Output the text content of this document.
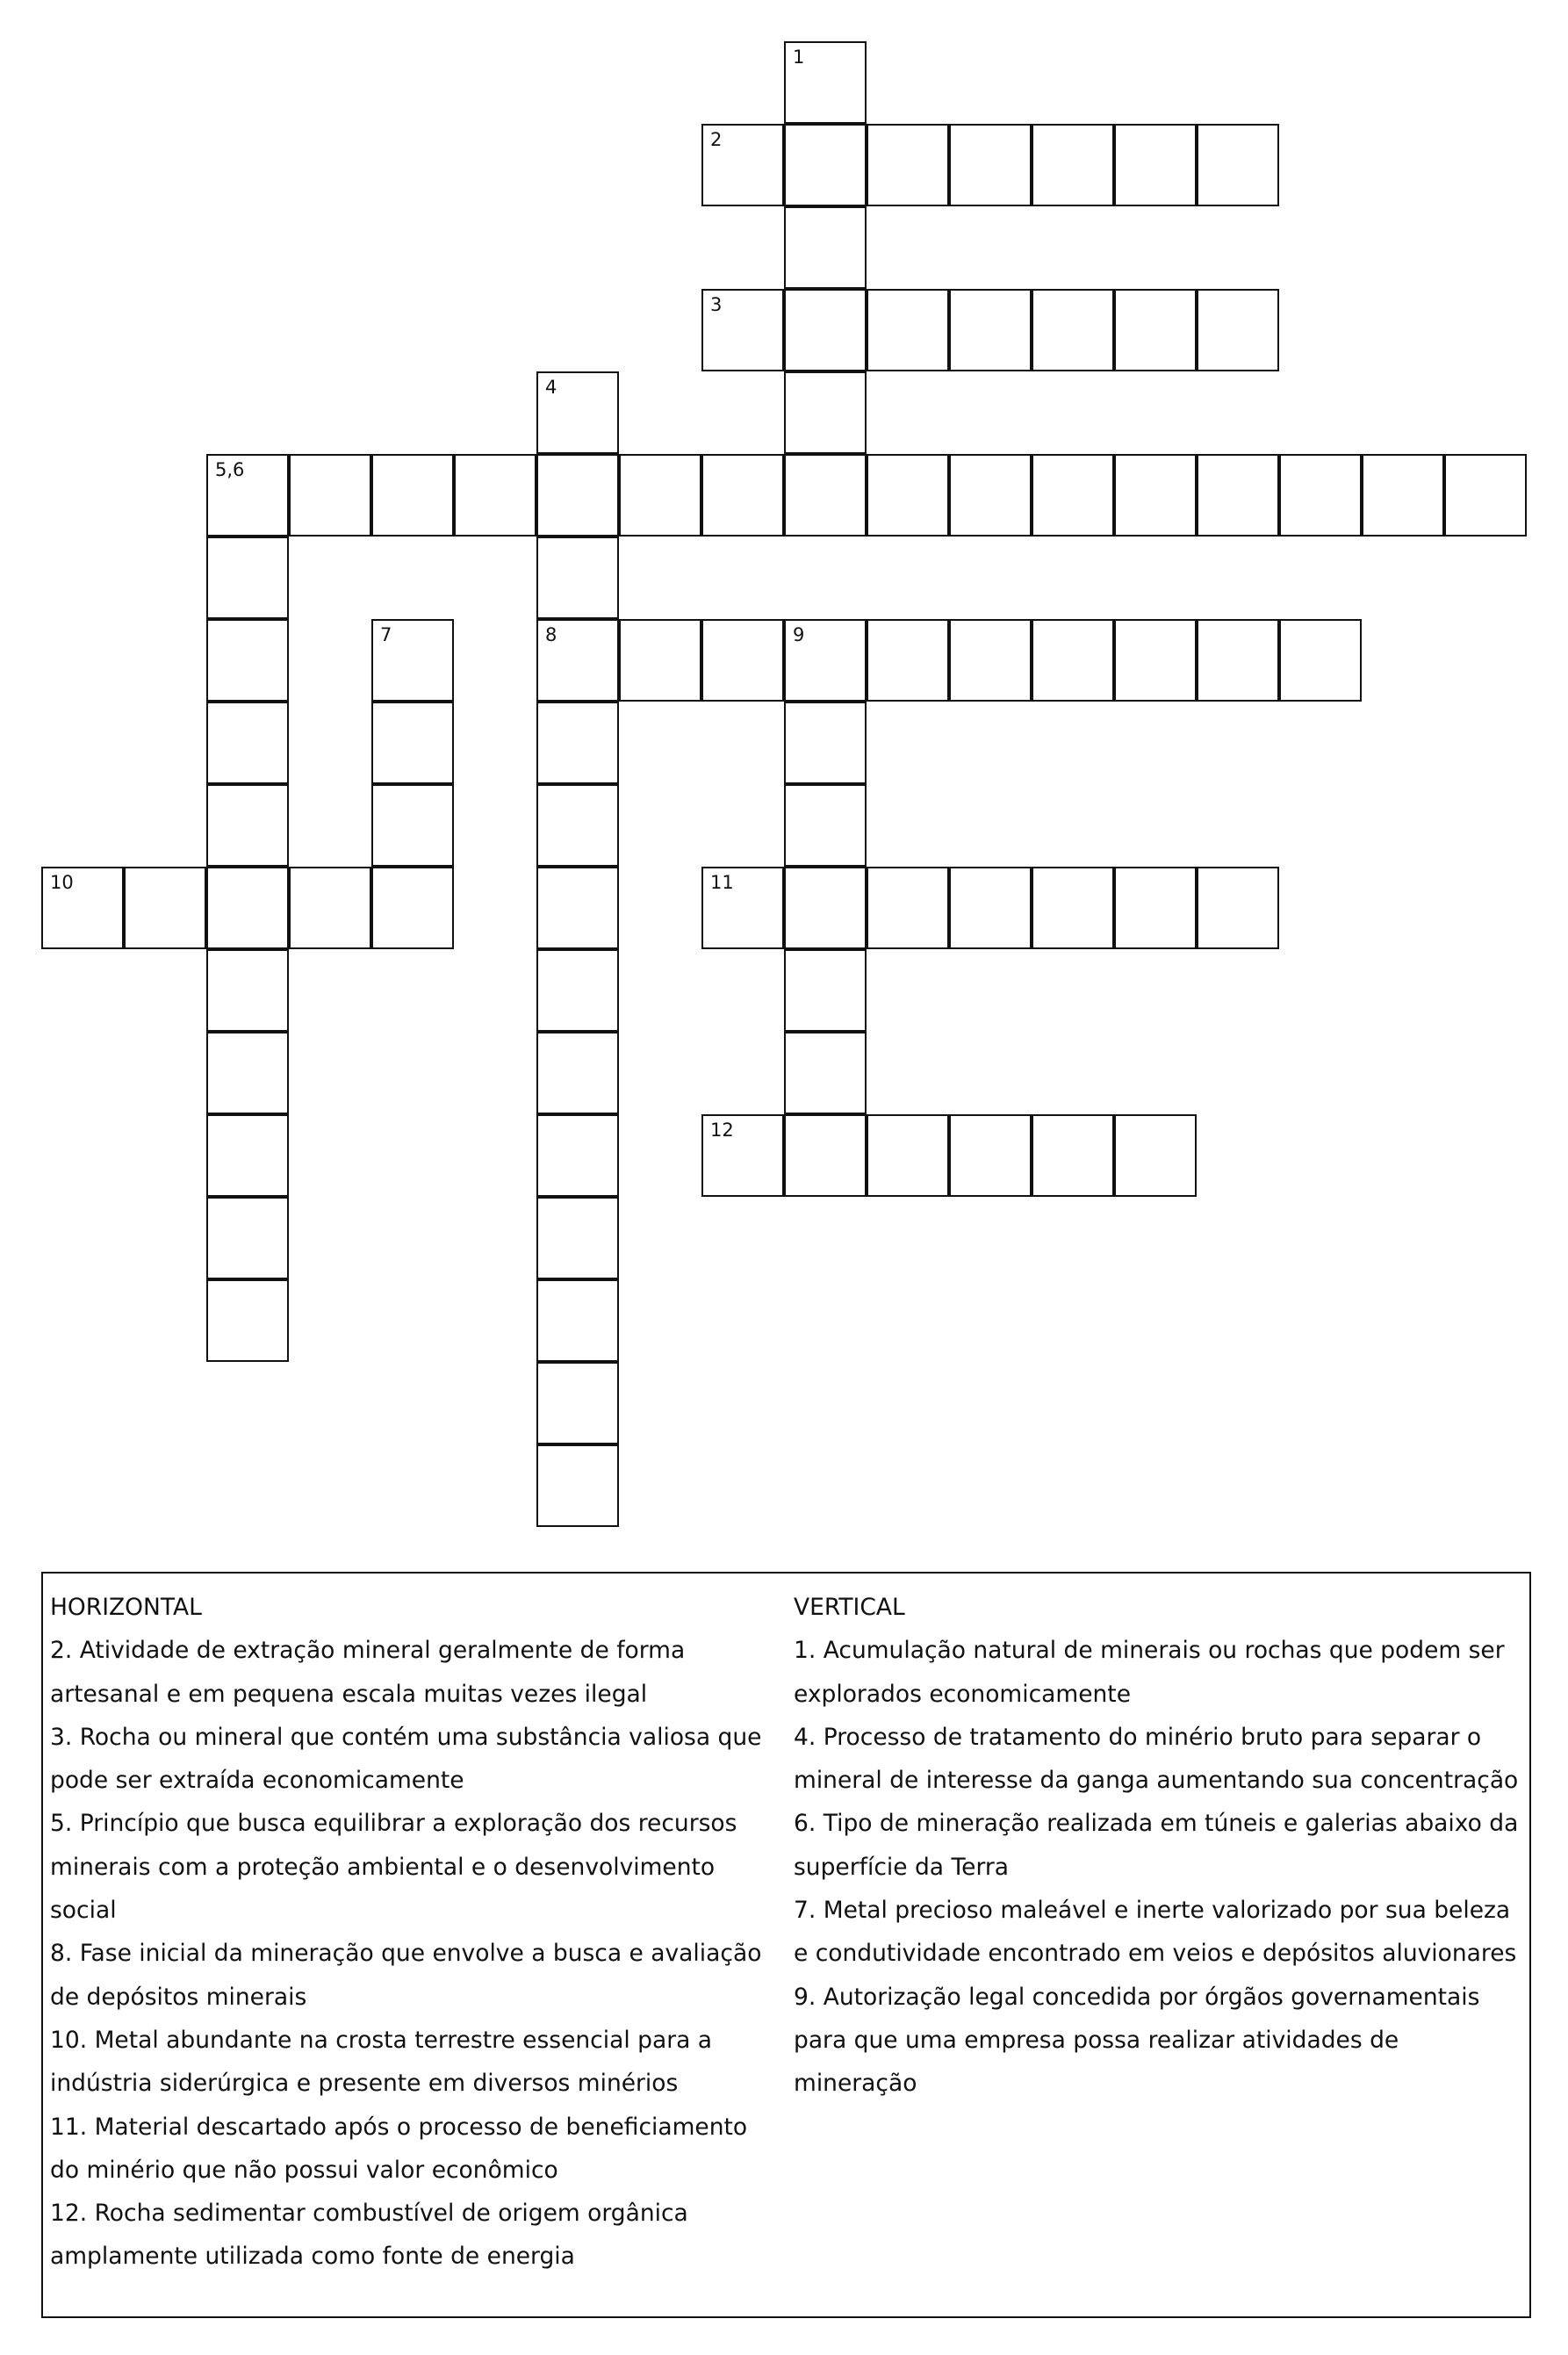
1
2
3
4
5,6
7	8	9
10	11
12
HORIZONTAL
2. Atividade de extração mineral geralmente de forma
artesanal e em pequena escala muitas vezes ilegal
3. Rocha ou mineral que contém uma substância valiosa que
pode ser extraída economicamente
5. Princípio que busca equilibrar a exploração dos recursos
minerais com a proteção ambiental e o desenvolvimento
social
8. Fase inicial da mineração que envolve a busca e avaliação
de depósitos minerais
10. Metal abundante na crosta terrestre essencial para a
indústria siderúrgica e presente em diversos minérios
11. Material descartado após o processo de beneficiamento
do minério que não possui valor econômico
12. Rocha sedimentar combustível de origem orgânica
amplamente utilizada como fonte de energia
VERTICAL
1. Acumulação natural de minerais ou rochas que podem ser
explorados economicamente
4. Processo de tratamento do minério bruto para separar o
mineral de interesse da ganga aumentando sua concentração
6. Tipo de mineração realizada em túneis e galerias abaixo da
superfície da Terra
7. Metal precioso maleável e inerte valorizado por sua beleza
e condutividade encontrado em veios e depósitos aluvionares
9. Autorização legal concedida por órgãos governamentais
para que uma empresa possa realizar atividades de
mineração
